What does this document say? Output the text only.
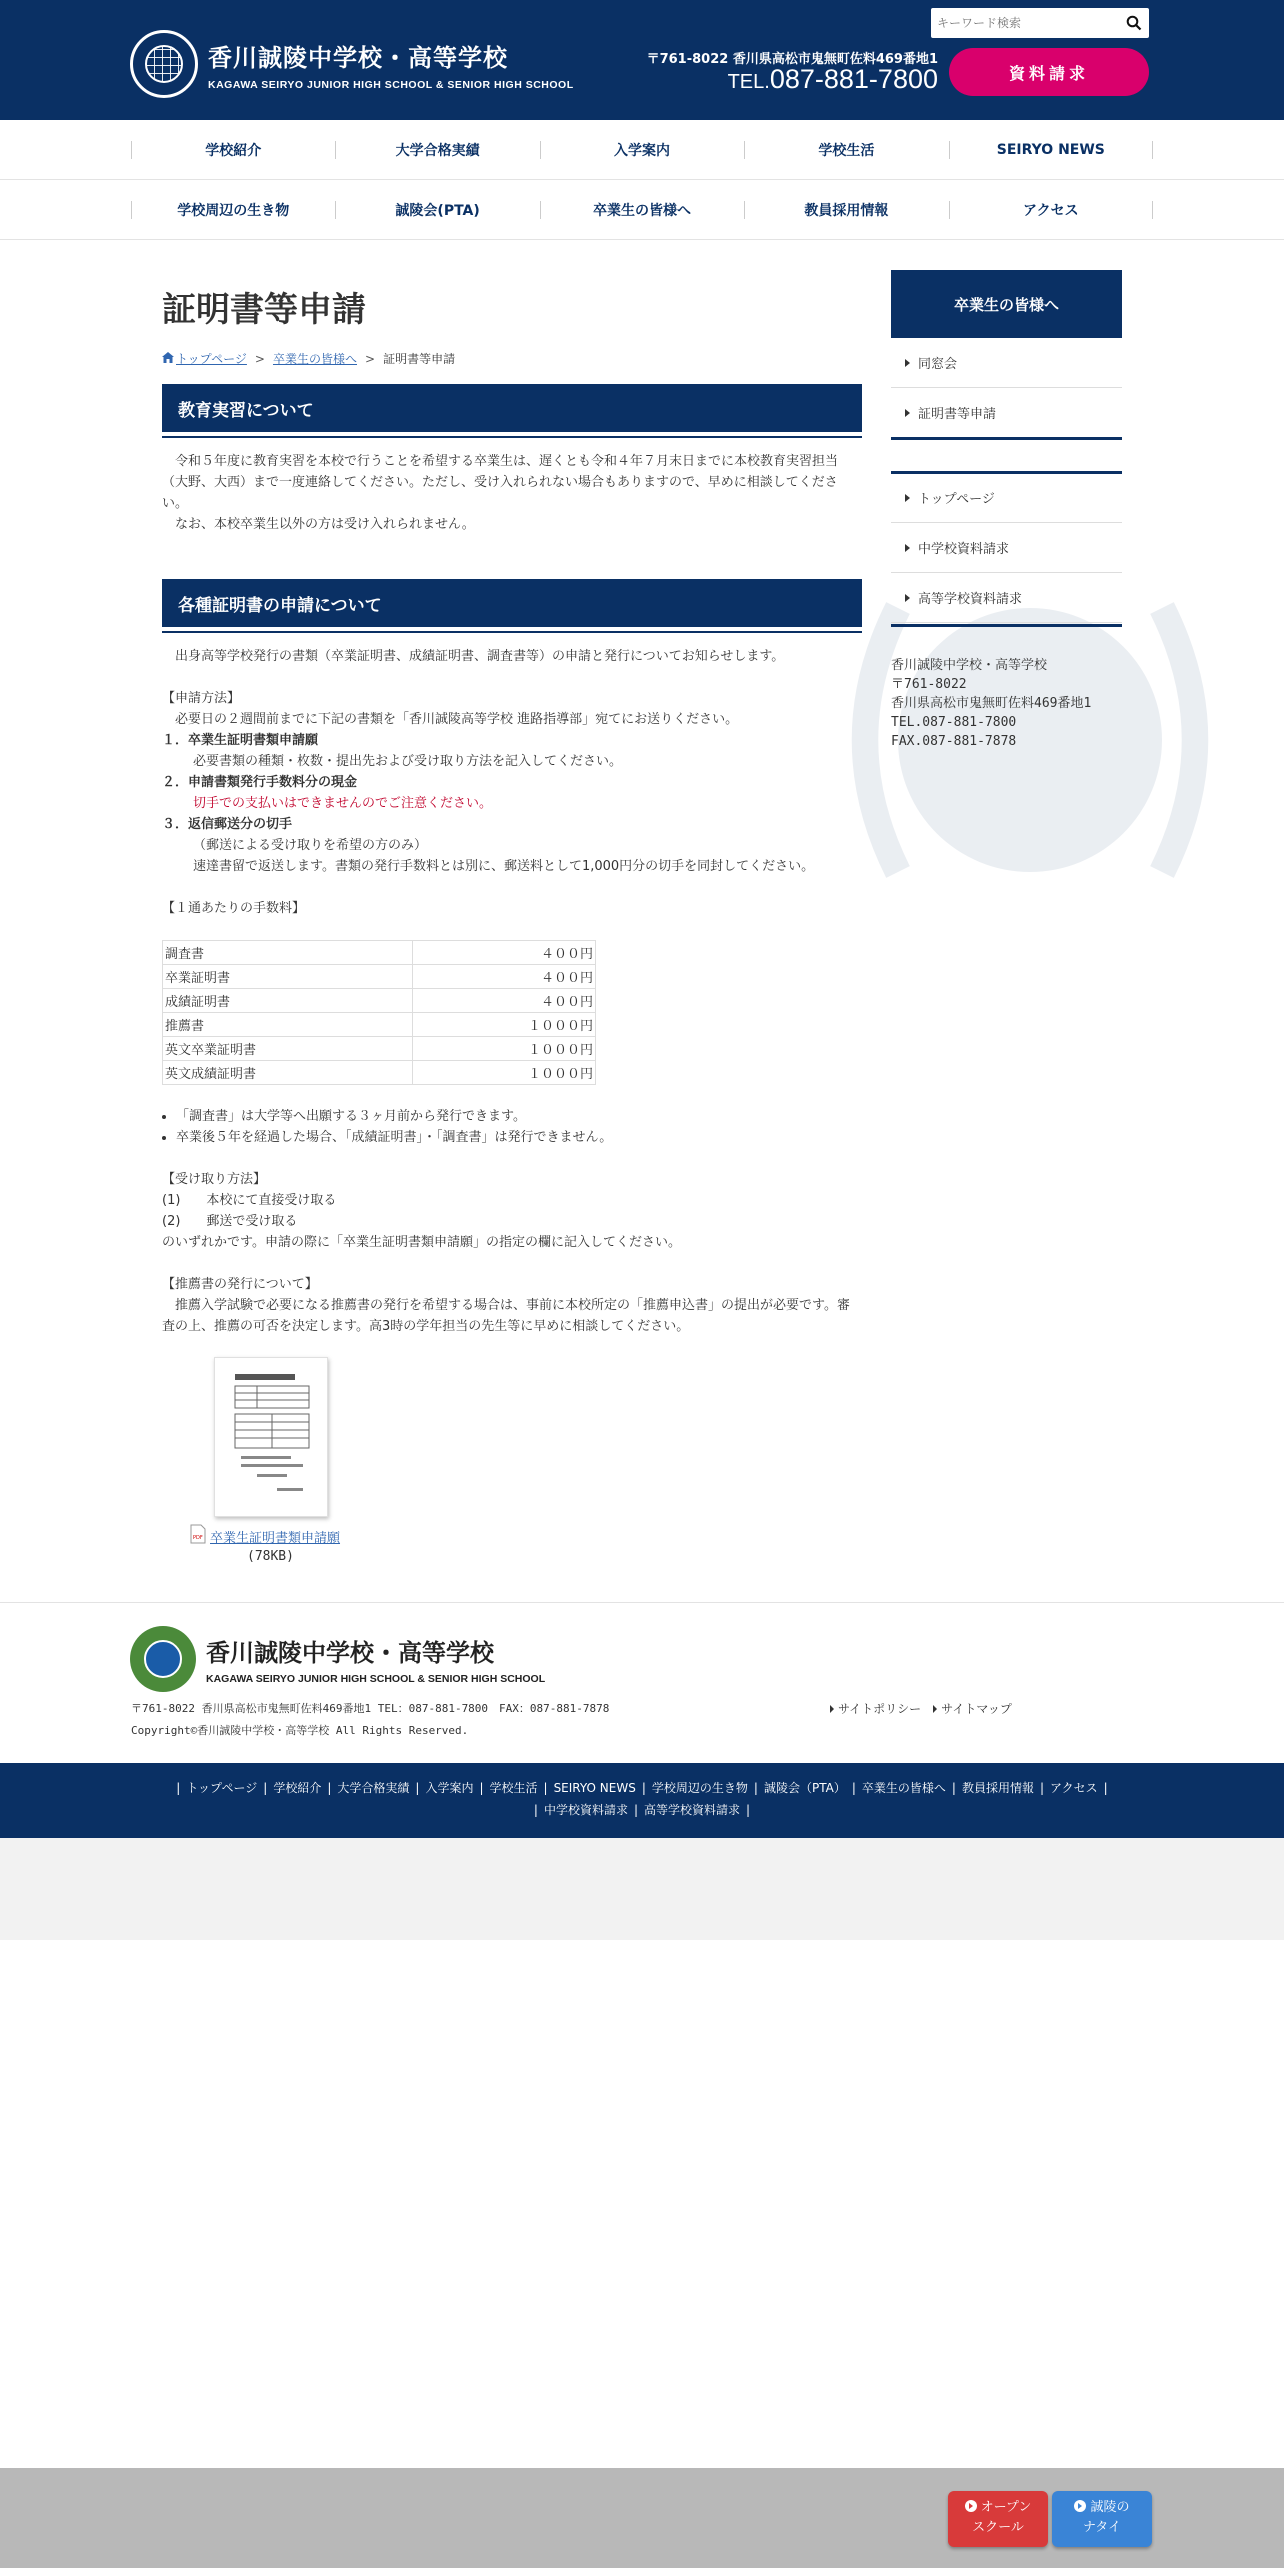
香川誠陵中学校・高等学校
KAGAWA SEIRYO JUNIOR HIGH SCHOOL & SENIOR HIGH SCHOOL
キーワード検索
〒761-8022 香川県高松市鬼無町佐料469番地1
TEL.087-881-7800	資料請求
学校紹介	大学合格実績	入学案内	学校生活	SEIRYO NEWS
学校周辺の生き物	誠陵会(PTA)	卒業生の皆様へ	教員採用情報	アクセス
証明書等申請
トップページ > 卒業生の皆様へ > 証明書等申請
教育実習について

　令和５年度に教育実習を本校で行うことを希望する卒業生は、遅くとも令和４年７月末日までに本校教育実習担当（大野、大西）まで一度連絡してください。ただし、受け入れられない場合もありますので、早めに相談してください。

　なお、本校卒業生以外の方は受け入れられません。

各種証明書の申請について

　出身高等学校発行の書類（卒業証明書、成績証明書、調査書等）の申請と発行についてお知らせします。

【申請方法】

　必要日の２週間前までに下記の書類を「香川誠陵高等学校 進路指導部」宛てにお送りください。

１．卒業生証明書類申請願

必要書類の種類・枚数・提出先および受け取り方法を記入してください。

２．申請書類発行手数料分の現金

切手での支払いはできませんのでご注意ください。

３．返信郵送分の切手

（郵送による受け取りを希望の方のみ）

速達書留で返送します。書類の発行手数料とは別に、郵送料として1,000円分の切手を同封してください。

【１通あたりの手数料】

調査書	４００円
卒業証明書	４００円
成績証明書	４００円
推薦書	１０００円
英文卒業証明書	１０００円
英文成績証明書	１０００円
• 「調査書」は大学等へ出願する３ヶ月前から発行できます。
• 卒業後５年を経過した場合、「成績証明書」・「調査書」は発行できません。

【受け取り方法】

(1)　　本校にて直接受け取る

(2)　　郵送で受け取る

のいずれかです。申請の際に「卒業生証明書類申請願」の指定の欄に記入してください。

【推薦書の発行について】

　推薦入学試験で必要になる推薦書の発行を希望する場合は、事前に本校所定の「推薦申込書」の提出が必要です。審査の上、推薦の可否を決定します。高3時の学年担当の先生等に早めに相談してください。

PDF 卒業生証明書類申請願
(78KB)
卒業生の皆様へ
同窓会
証明書等申請
トップページ
中学校資料請求
高等学校資料請求
香川誠陵中学校・高等学校
〒761-8022
香川県高松市鬼無町佐料469番地1
TEL.087-881-7800
FAX.087-881-7878
香川誠陵中学校・高等学校
KAGAWA SEIRYO JUNIOR HIGH SCHOOL & SENIOR HIGH SCHOOL
〒761-8022 香川県高松市鬼無町佐料469番地1 TEL：087-881-7800　FAX：087-881-7878
Copyright©香川誠陵中学校・高等学校 All Rights Reserved.
サイトポリシー サイトマップ
| トップページ | 学校紹介 | 大学合格実績 | 入学案内 | 学校生活 | SEIRYO NEWS | 学校周辺の生き物 | 誠陵会（PTA） | 卒業生の皆様へ | 教員採用情報 | アクセス |
| 中学校資料請求 | 高等学校資料請求 |
オープン
スクール
誠陵の
ナタイ
